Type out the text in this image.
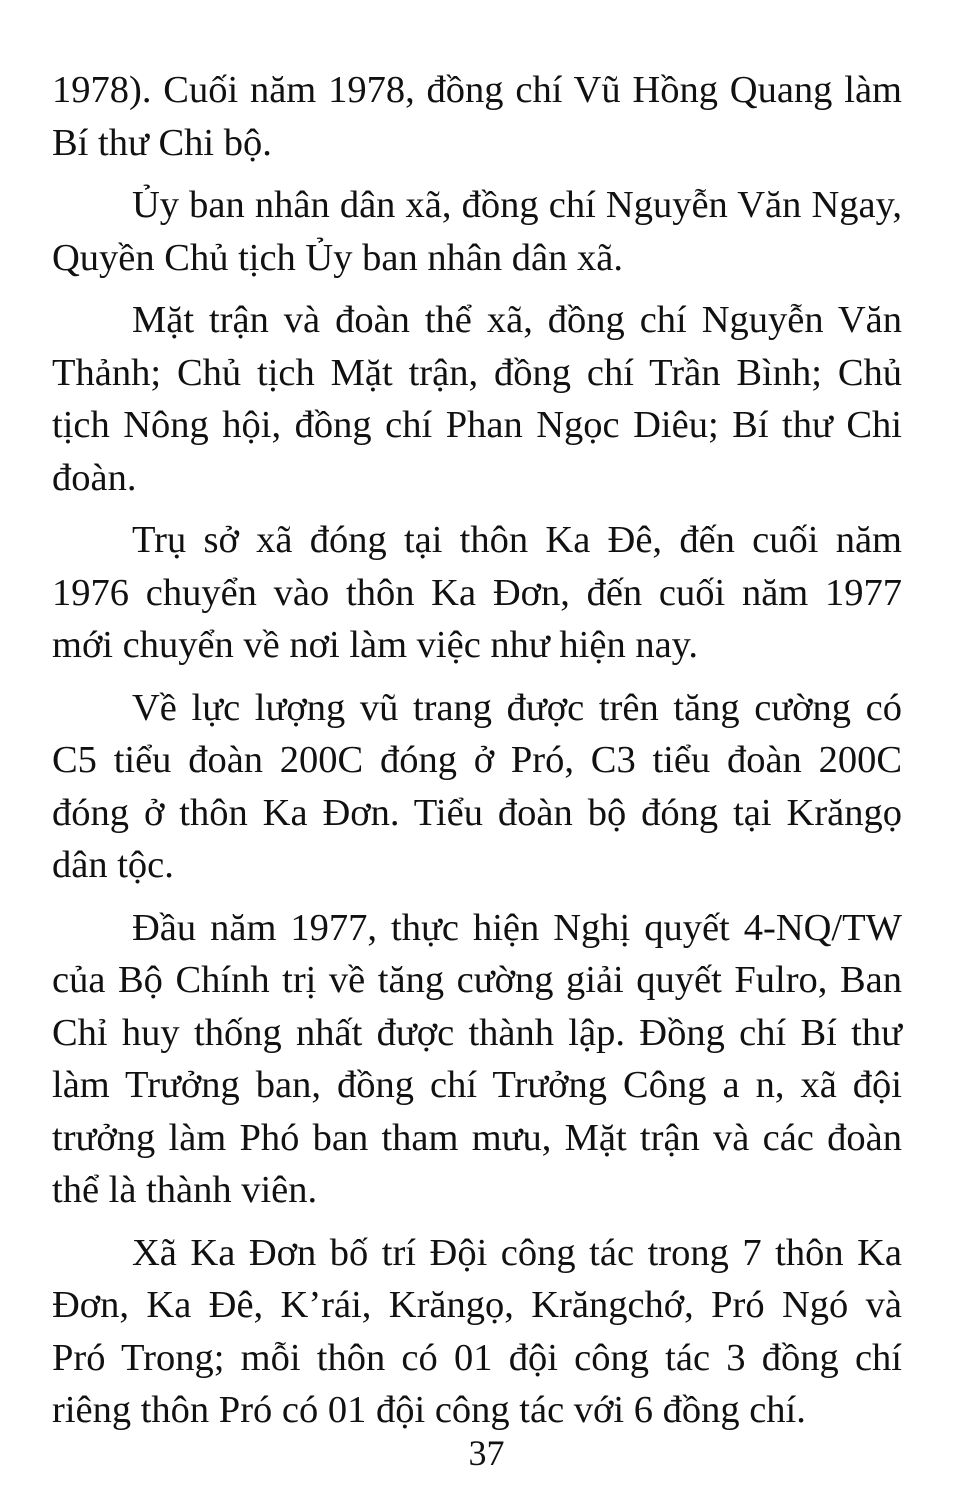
1978). Cuối năm 1978, đồng chí Vũ Hồng Quang làm Bí thư Chi bộ.

Ủy ban nhân dân xã, đồng chí Nguyễn Văn Ngay, Quyền Chủ tịch Ủy ban nhân dân xã.

Mặt trận và đoàn thể xã, đồng chí Nguyễn Văn Thảnh; Chủ tịch Mặt trận, đồng chí Trần Bình; Chủ tịch Nông hội, đồng chí Phan Ngọc Diêu; Bí thư Chi đoàn.

Trụ sở xã đóng tại thôn Ka Đê, đến cuối năm 1976 chuyển vào thôn Ka Đơn, đến cuối năm 1977 mới chuyển về nơi làm việc như hiện nay.

Về lực lượng vũ trang được trên tăng cường có C5 tiểu đoàn 200C đóng ở Pró, C3 tiểu đoàn 200C đóng ở thôn Ka Đơn. Tiểu đoàn bộ đóng tại Krăngọ dân tộc.

Đầu năm 1977, thực hiện Nghị quyết 4-NQ/TW của Bộ Chính trị về tăng cường giải quyết Fulro, Ban Chỉ huy thống nhất được thành lập. Đồng chí Bí thư làm Trưởng ban, đồng chí Trưởng Công a n, xã đội trưởng làm Phó ban tham mưu, Mặt trận và các đoàn thể là thành viên.

Xã Ka Đơn bố trí Đội công tác trong 7 thôn Ka Đơn, Ka Đê, K’rái, Krăngọ, Krăngchớ, Pró Ngó và Pró Trong; mỗi thôn có 01 đội công tác 3 đồng chí riêng thôn Pró có 01 đội công tác với 6 đồng chí.

37
